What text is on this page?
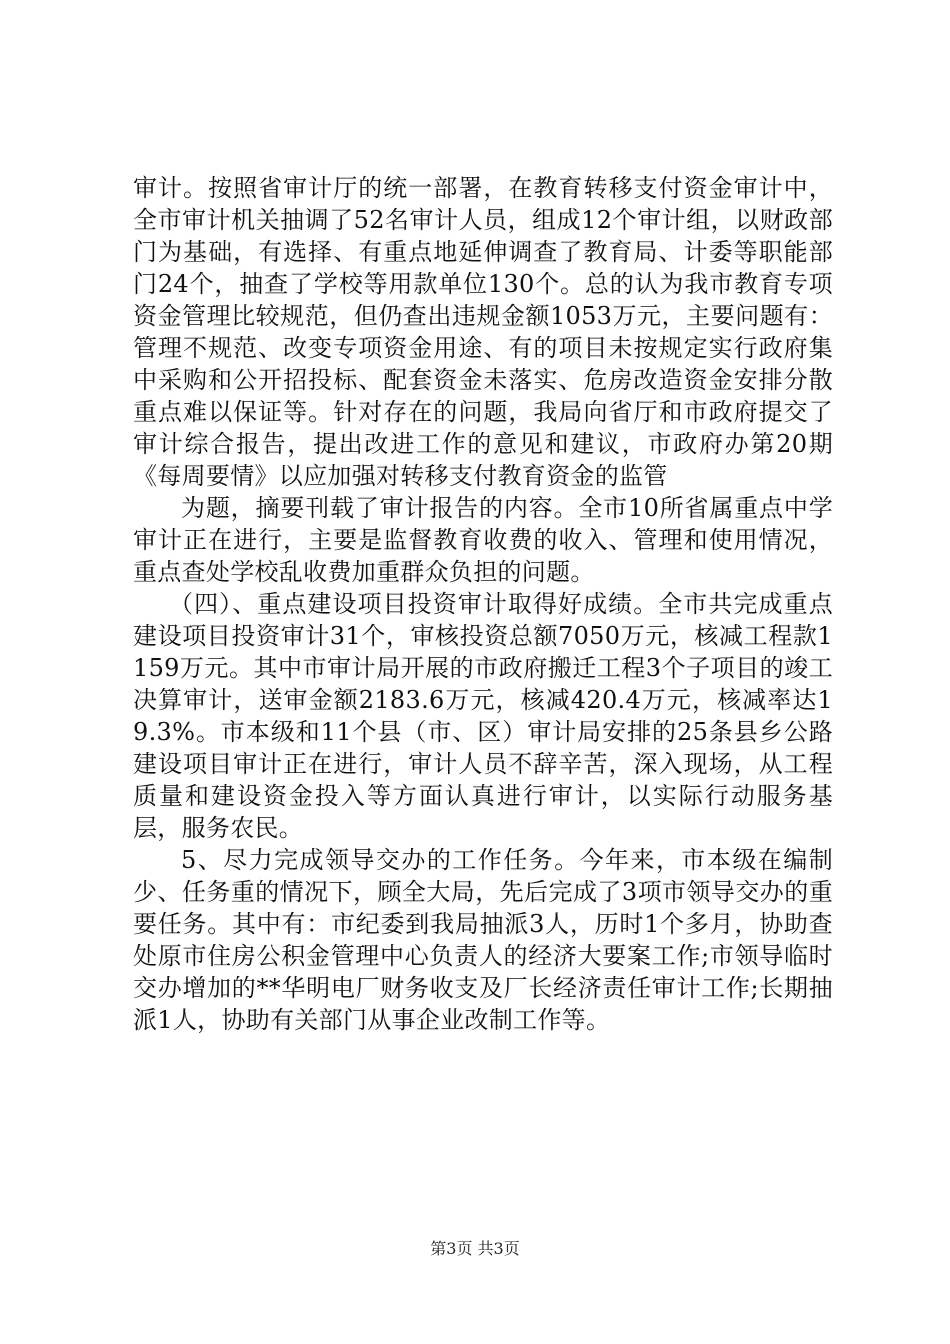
审计。按照省审计厅的统一部署，在教育转移支付资金审计中，全市审计机关抽调了52名审计人员，组成12个审计组，以财政部门为基础，有选择、有重点地延伸调查了教育局、计委等职能部门24个，抽查了学校等用款单位130个。总的认为我市教育专项资金管理比较规范，但仍查出违规金额1053万元，主要问题有：管理不规范、改变专项资金用途、有的项目未按规定实行政府集中采购和公开招投标、配套资金未落实、危房改造资金安排分散重点难以保证等。针对存在的问题，我局向省厅和市政府提交了审计综合报告，提出改进工作的意见和建议，市政府办第20期《每周要情》以应加强对转移支付教育资金的监管

为题，摘要刊载了审计报告的内容。全市10所省属重点中学审计正在进行，主要是监督教育收费的收入、管理和使用情况，重点查处学校乱收费加重群众负担的问题。

（四）、重点建设项目投资审计取得好成绩。全市共完成重点建设项目投资审计31个，审核投资总额7050万元，核减工程款1159万元。其中市审计局开展的市政府搬迁工程3个子项目的竣工决算审计，送审金额2183.6万元，核减420.4万元，核减率达19.3%。市本级和11个县（市、区）审计局安排的25条县乡公路建设项目审计正在进行，审计人员不辞辛苦，深入现场，从工程质量和建设资金投入等方面认真进行审计，以实际行动服务基层，服务农民。

5、尽力完成领导交办的工作任务。今年来，市本级在编制少、任务重的情况下，顾全大局，先后完成了3项市领导交办的重要任务。其中有：市纪委到我局抽派3人，历时1个多月，协助查处原市住房公积金管理中心负责人的经济大要案工作;市领导临时交办增加的**华明电厂财务收支及厂长经济责任审计工作;长期抽派1人，协助有关部门从事企业改制工作等。

第3页 共3页
